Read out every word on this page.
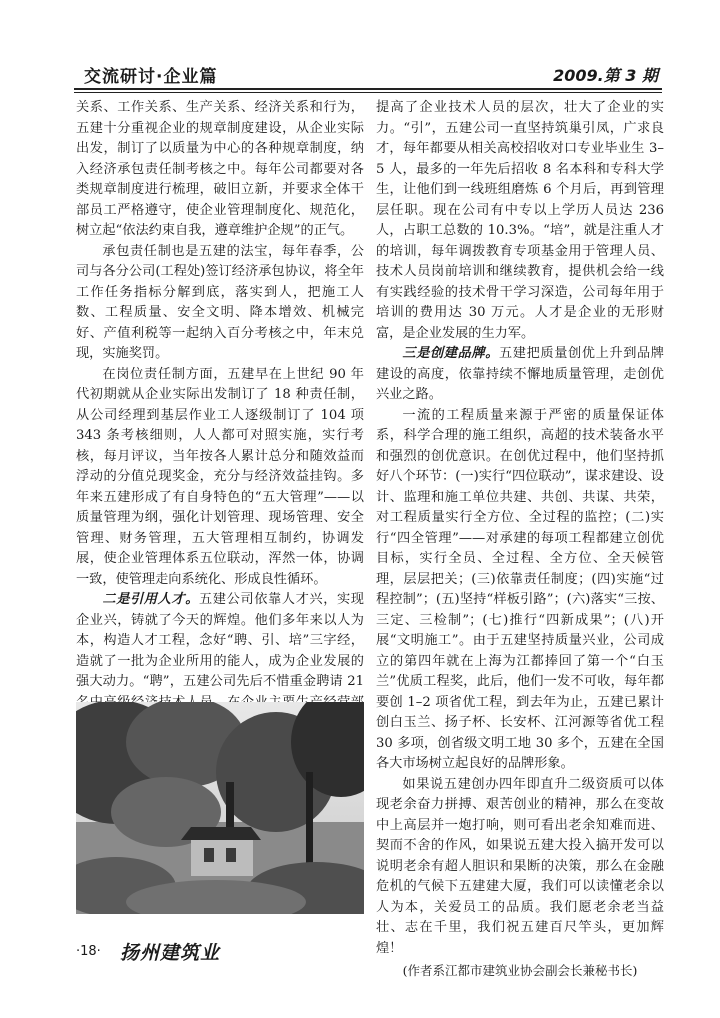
交流研讨·企业篇	2009.第 3 期

关系、工作关系、生产关系、经济关系和行为，五建十分重视企业的规章制度建设，从企业实际出发，制订了以质量为中心的各种规章制度，纳入经济承包责任制考核之中。每年公司都要对各类规章制度进行梳理，破旧立新，并要求全体干部员工严格遵守，使企业管理制度化、规范化，树立起“依法约束自我，遵章维护企规”的正气。

承包责任制也是五建的法宝，每年春季，公司与各分公司(工程处)签订经济承包协议，将全年工作任务指标分解到底，落实到人，把施工人数、工程质量、安全文明、降本增效、机械完好、产值利税等一起纳入百分考核之中，年末兑现，实施奖罚。

在岗位责任制方面，五建早在上世纪 90 年代初期就从企业实际出发制订了 18 种责任制，从公司经理到基层作业工人逐级制订了 104 项 343 条考核细则，人人都可对照实施，实行考核，每月评议，当年按各人累计总分和随效益而浮动的分值兑现奖金，充分与经济效益挂钩。多年来五建形成了有自身特色的“五大管理”——以质量管理为纲，强化计划管理、现场管理、安全管理、财务管理，五大管理相互制约，协调发展，使企业管理体系五位联动，浑然一体，协调一致，使管理走向系统化、形成良性循环。

二是引用人才。五建公司依靠人才兴，实现企业兴，铸就了今天的辉煌。他们多年来以人为本，构造人才工程，念好“聘、引、培”三字经，造就了一批为企业所用的能人，成为企业发展的强大动力。“聘”，五建公司先后不惜重金聘请 21

提高了企业技术人员的层次，壮大了企业的实力。“引”，五建公司一直坚持筑巢引凤，广求良才，每年都要从相关高校招收对口专业毕业生 3–5 人，最多的一年先后招收 8 名本科和专科大学生，让他们到一线班组磨炼 6 个月后，再到管理层任职。现在公司有中专以上学历人员达 236 人，占职工总数的 10.3%。“培”，就是注重人才的培训，每年调拨教育专项基金用于管理人员、技术人员岗前培训和继续教育，提供机会给一线有实践经验的技术骨干学习深造，公司每年用于培训的费用达 30 万元。人才是企业的无形财富，是企业发展的生力军。

三是创建品牌。五建把质量创优上升到品牌建设的高度，依靠持续不懈地质量管理，走创优兴业之路。

一流的工程质量来源于严密的质量保证体系，科学合理的施工组织，高超的技术装备水平和强烈的创优意识。在创优过程中，他们坚持抓好八个环节：(一)实行“四位联动”，谋求建设、设计、监理和施工单位共建、共创、共谋、共荣，对工程质量实行全方位、全过程的监控；(二)实行“四全管理”——对承建的每项工程都建立创优目标，实行全员、全过程、全方位、全天候管理，层层把关；(三)依靠责任制度；(四)实施“过程控制”；(五)坚持“样板引路”；(六)落实“三按、三定、三检制”；(七)推行“四新成果”；(八)开展“文明施工”。由于五建坚持质量兴业，公司成立的第四年就在上海为江都捧回了第一个“白玉兰”优质工程奖，此后，他们一发不可收，每年都要创 1–2 项省优工程，到去年为止，五建已累计创白玉兰、扬子杯、长安杯、江河源等省优工程 30 多项，创省级文明工地 30 多个，五建在全国各大市场树立起良好的品牌形象。

如果说五建创办四年即直升二级资质可以体现老余奋力拼搏、艰苦创业的精神，那么在变故中上高层并一炮打响，则可看出老余知难而进、契而不舍的作风，如果说五建大投入搞开发可以说明老余有超人胆识和果断的决策，那么在金融危机的气候下五建建大厦，我们可以读懂老余以人为本，关爱员工的品质。我们愿老余老当益壮、志在千里，我们祝五建百尺竿头，更加辉煌！

(作者系江都市建筑业协会副会长兼秘书长)

·18· 扬州建筑业
